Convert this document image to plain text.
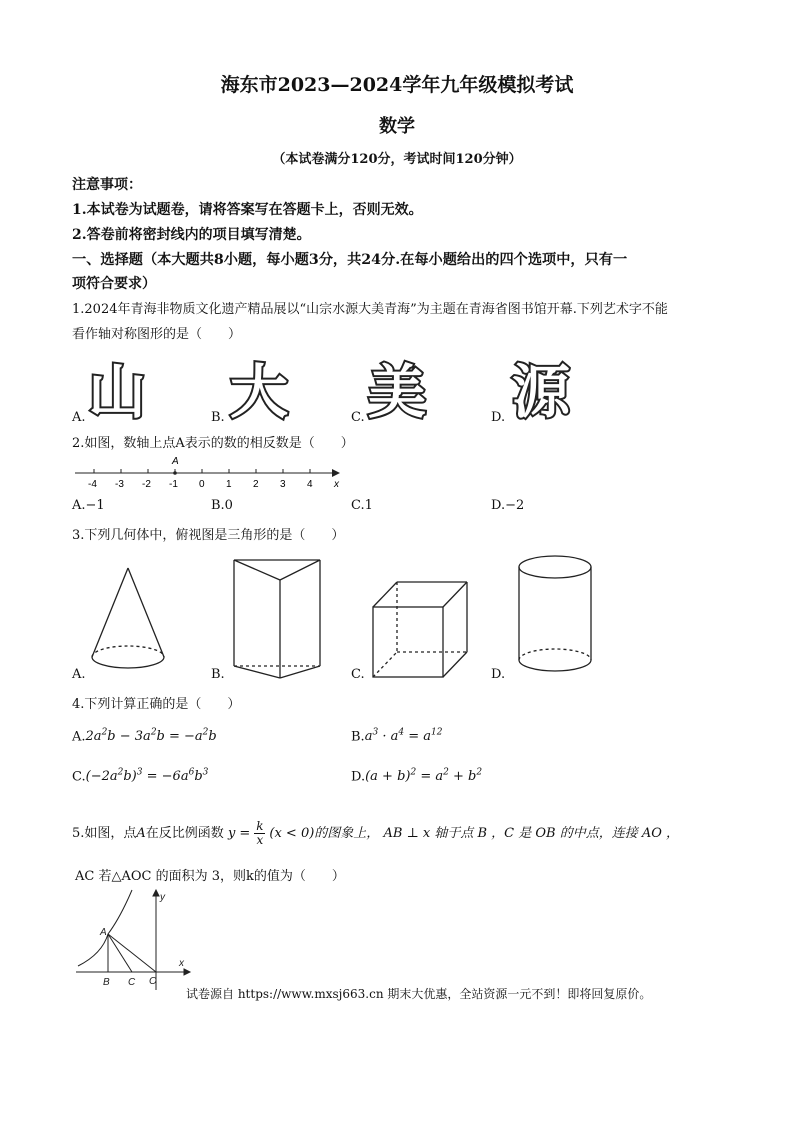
海东市2023—2024学年九年级模拟考试
数学
（本试卷满分120分，考试时间120分钟）
注意事项：
1.本试卷为试题卷，请将答案写在答题卡上，否则无效。
2.答卷前将密封线内的项目填写清楚。
一、选择题（本大题共8小题，每小题3分，共24分.在每小题给出的四个选项中，只有一
项符合要求）
1.2024年青海非物质文化遗产精品展以“山宗水源大美青海”为主题在青海省图书馆开幕.下列艺术字不能
看作轴对称图形的是（　　）
山 大 美 源
A.	B.	C.	D.
2.如图，数轴上点A表示的数的相反数是（　　）
-4 -3 -2 -1 0 1 2 3 4
A
x
A.−1	B.0	C.1	D.−2
3.下列几何体中，俯视图是三角形的是（　　）
A.	B.	C.	D.
4.下列计算正确的是（　　）
$A.2a^2b - 3a^2b = -a^2b$	$B.a^3 \cdot a^4 = a^{12}$
$C.(-2a^2b)^3 = -6a^6b^3$	$D.(a + b)^2 = a^2 + b^2$
5.如图，点A在反比例函数 y = k
x (x < 0)的图象上， AB ⊥ x 轴于点 B ，C 是 OB 的中点，连接 AO ，
AC 若△AOC 的面积为 3，则k的值为（　　）
A
B C O
x
y
试卷源自 https://www.mxsj663.cn 期末大优惠，全站资源一元不到！即将回复原价。
